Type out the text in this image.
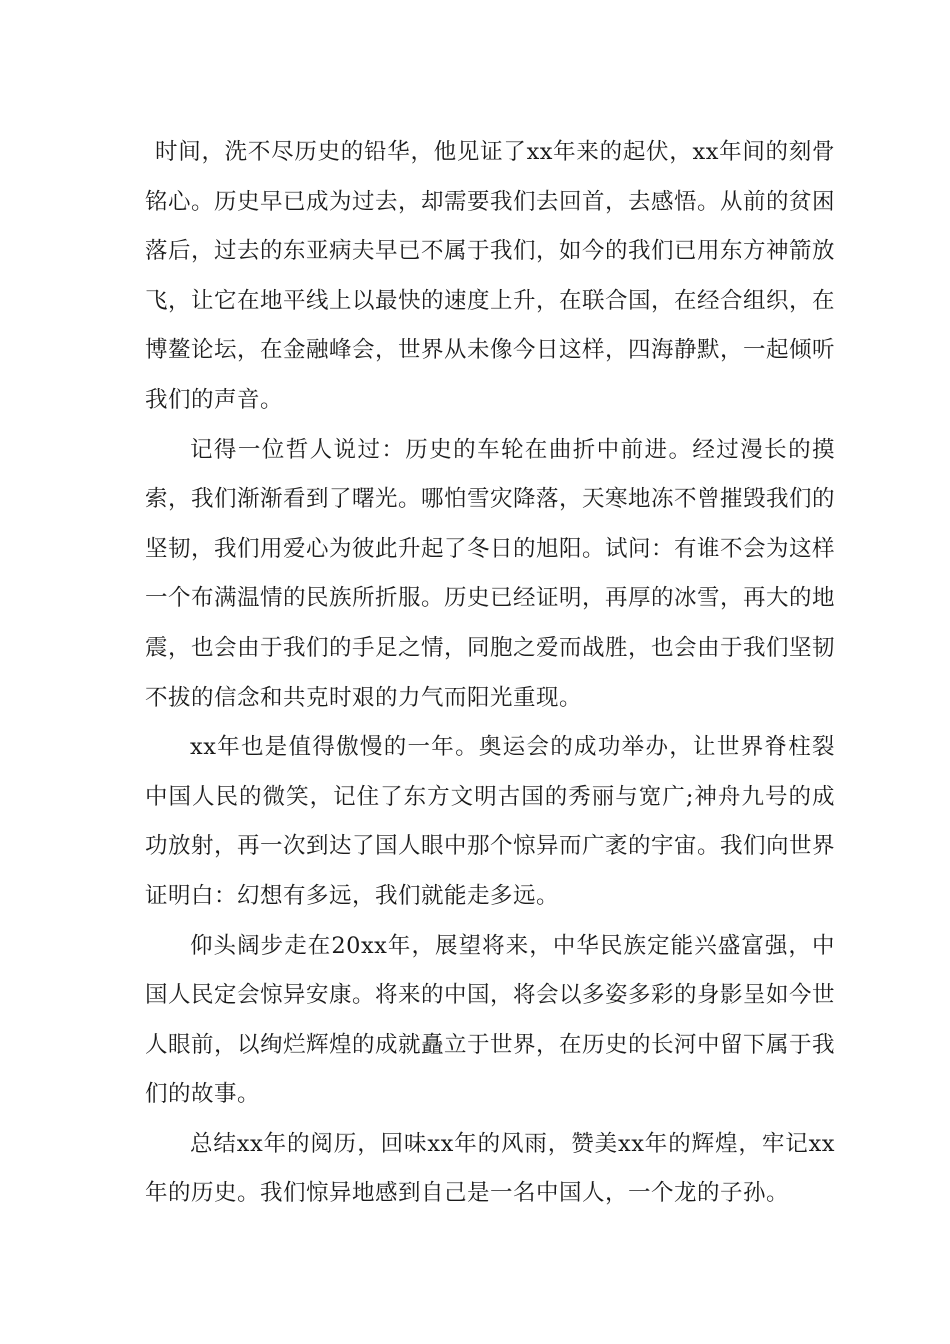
时间，洗不尽历史的铅华，他见证了xx年来的起伏，xx年间的刻骨铭心。历史早已成为过去，却需要我们去回首，去感悟。从前的贫困落后，过去的东亚病夫早已不属于我们，如今的我们已用东方神箭放飞，让它在地平线上以最快的速度上升，在联合国，在经合组织，在博鳌论坛，在金融峰会，世界从未像今日这样，四海静默，一起倾听我们的声音。

记得一位哲人说过：历史的车轮在曲折中前进。经过漫长的摸索，我们渐渐看到了曙光。哪怕雪灾降落，天寒地冻不曾摧毁我们的坚韧，我们用爱心为彼此升起了冬日的旭阳。试问：有谁不会为这样一个布满温情的民族所折服。历史已经证明，再厚的冰雪，再大的地震，也会由于我们的手足之情，同胞之爱而战胜，也会由于我们坚韧不拔的信念和共克时艰的力气而阳光重现。

xx年也是值得傲慢的一年。奥运会的成功举办，让世界脊柱裂中国人民的微笑，记住了东方文明古国的秀丽与宽广;神舟九号的成功放射，再一次到达了国人眼中那个惊异而广袤的宇宙。我们向世界证明白：幻想有多远，我们就能走多远。

仰头阔步走在20xx年，展望将来，中华民族定能兴盛富强，中国人民定会惊异安康。将来的中国，将会以多姿多彩的身影呈如今世人眼前，以绚烂辉煌的成就矗立于世界，在历史的长河中留下属于我们的故事。

总结xx年的阅历，回味xx年的风雨，赞美xx年的辉煌，牢记xx年的历史。我们惊异地感到自己是一名中国人，一个龙的子孙。
